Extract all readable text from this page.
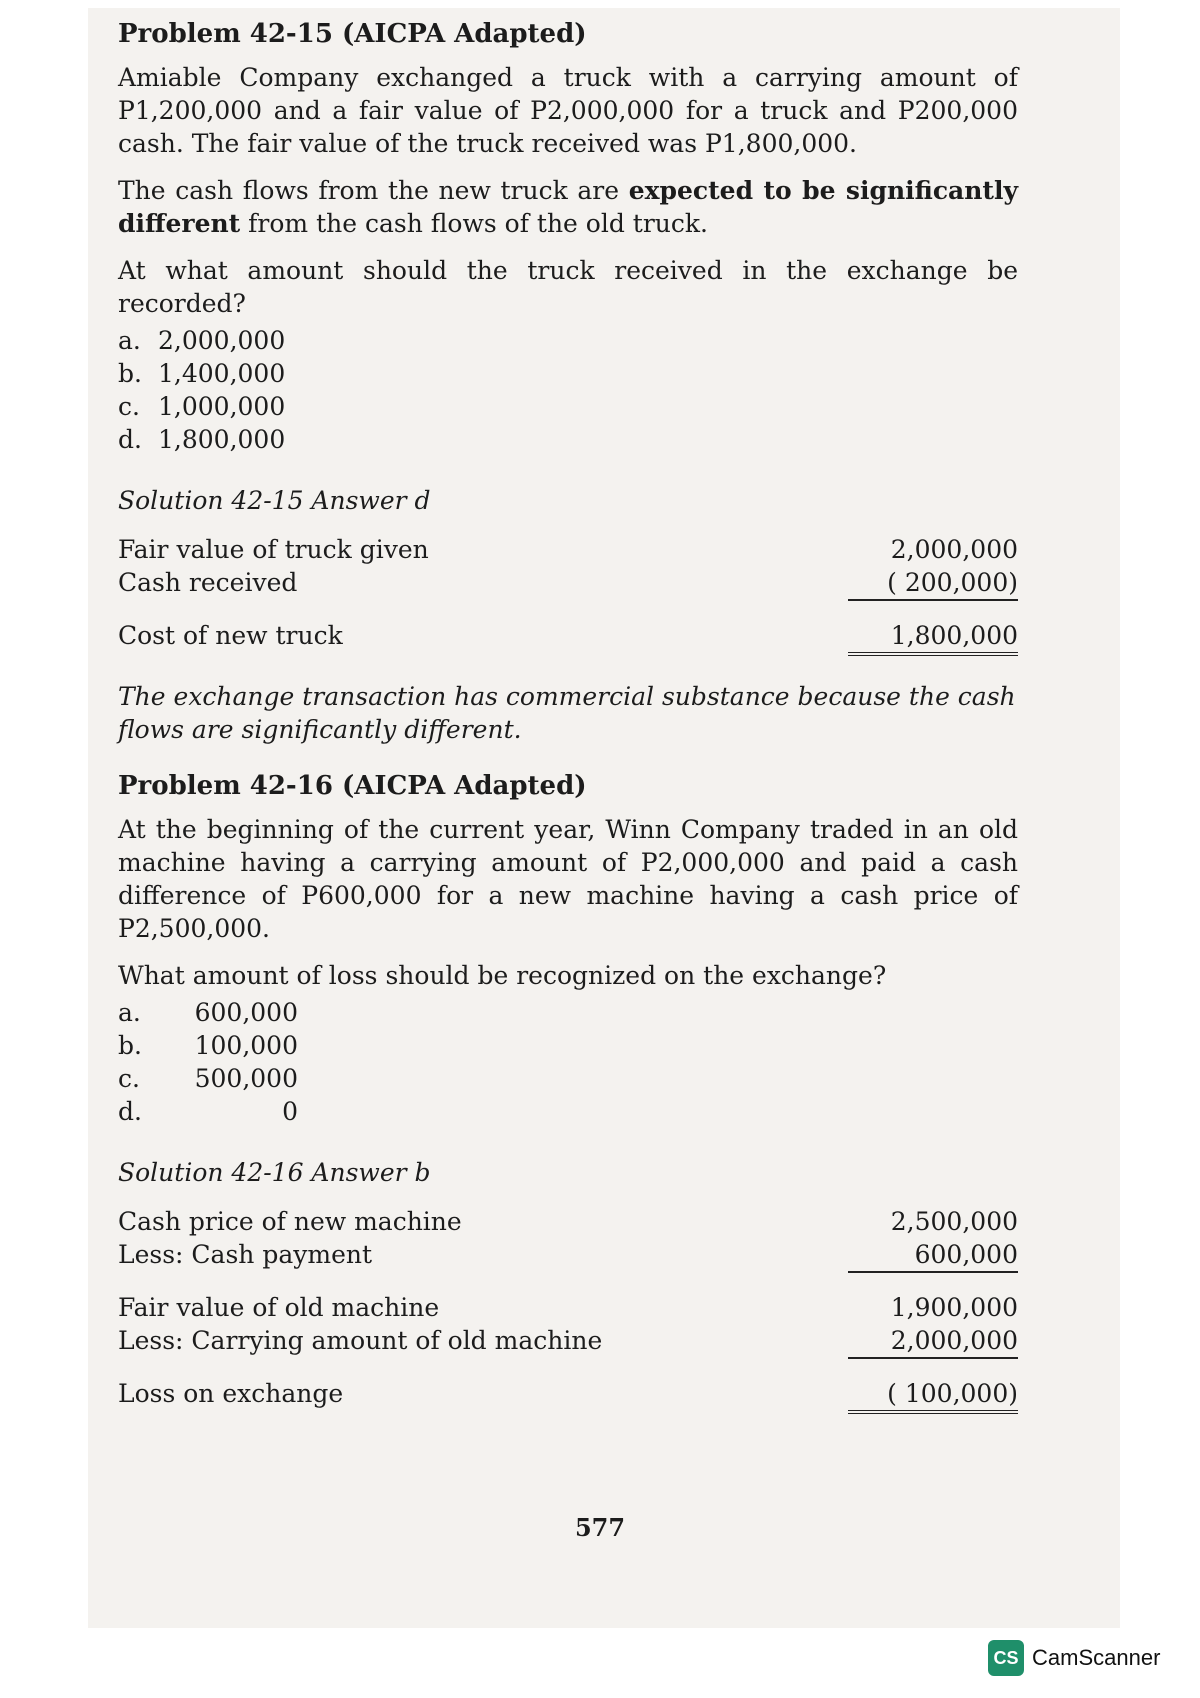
Problem 42-15 (AICPA Adapted)

Amiable Company exchanged a truck with a carrying amount of P1,200,000 and a fair value of P2,000,000 for a truck and P200,000 cash. The fair value of the truck received was P1,800,000.

The cash flows from the new truck are expected to be significantly different from the cash flows of the old truck.

At what amount should the truck received in the exchange be recorded?

a. 2,000,000
b. 1,400,000
c. 1,000,000
d. 1,800,000
Solution 42-15 Answer d
Fair value of truck given	2,000,000
Cash received	( 200,000)

Cost of new truck	1,800,000

The exchange transaction has commercial substance because the cash flows are significantly different.

Problem 42-16 (AICPA Adapted)

At the beginning of the current year, Winn Company traded in an old machine having a carrying amount of P2,000,000 and paid a cash difference of P600,000 for a new machine having a cash price of P2,500,000.

What amount of loss should be recognized on the exchange?

a.	600,000
b.	100,000
c.	500,000
d.	0
Solution 42-16 Answer b
Cash price of new machine	2,500,000
Less: Cash payment	600,000

Fair value of old machine	1,900,000
Less: Carrying amount of old machine	2,000,000

Loss on exchange	( 100,000)
577
CS CamScanner
